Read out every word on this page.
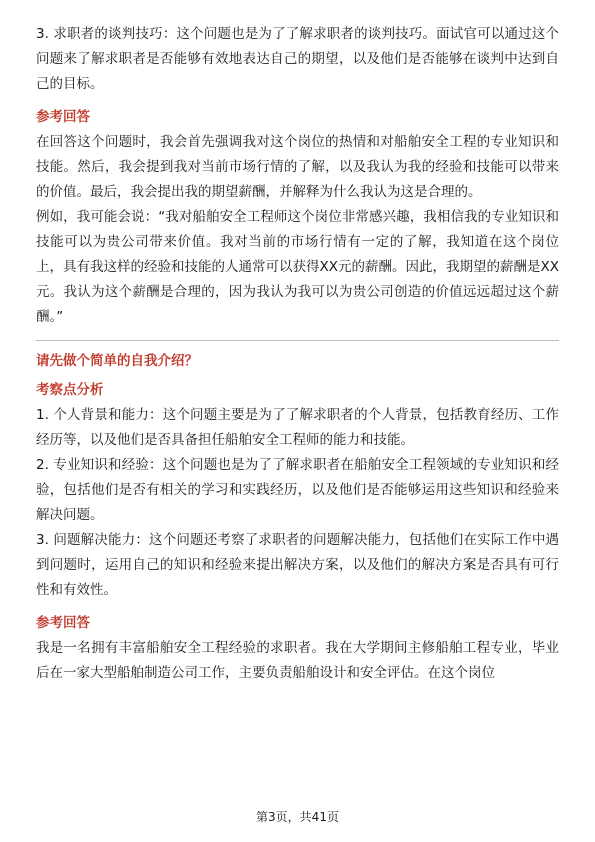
3. 求职者的谈判技巧：这个问题也是为了了解求职者的谈判技巧。面试官可以通过这个问题来了解求职者是否能够有效地表达自己的期望，以及他们是否能够在谈判中达到自己的目标。

参考回答

在回答这个问题时，我会首先强调我对这个岗位的热情和对船舶安全工程的专业知识和技能。然后，我会提到我对当前市场行情的了解，以及我认为我的经验和技能可以带来的价值。最后，我会提出我的期望薪酬，并解释为什么我认为这是合理的。

例如，我可能会说：“我对船舶安全工程师这个岗位非常感兴趣，我相信我的专业知识和技能可以为贵公司带来价值。我对当前的市场行情有一定的了解，我知道在这个岗位上，具有我这样的经验和技能的人通常可以获得XX元的薪酬。因此，我期望的薪酬是XX元。我认为这个薪酬是合理的，因为我认为我可以为贵公司创造的价值远远超过这个薪酬。”

请先做个简单的自我介绍？

考察点分析

1. 个人背景和能力：这个问题主要是为了了解求职者的个人背景，包括教育经历、工作经历等，以及他们是否具备担任船舶安全工程师的能力和技能。

2. 专业知识和经验：这个问题也是为了了解求职者在船舶安全工程领域的专业知识和经验，包括他们是否有相关的学习和实践经历，以及他们是否能够运用这些知识和经验来解决问题。

3. 问题解决能力：这个问题还考察了求职者的问题解决能力，包括他们在实际工作中遇到问题时，运用自己的知识和经验来提出解决方案，以及他们的解决方案是否具有可行性和有效性。

参考回答

我是一名拥有丰富船舶安全工程经验的求职者。我在大学期间主修船舶工程专业，毕业后在一家大型船舶制造公司工作，主要负责船舶设计和安全评估。在这个岗位

第3页，共41页
